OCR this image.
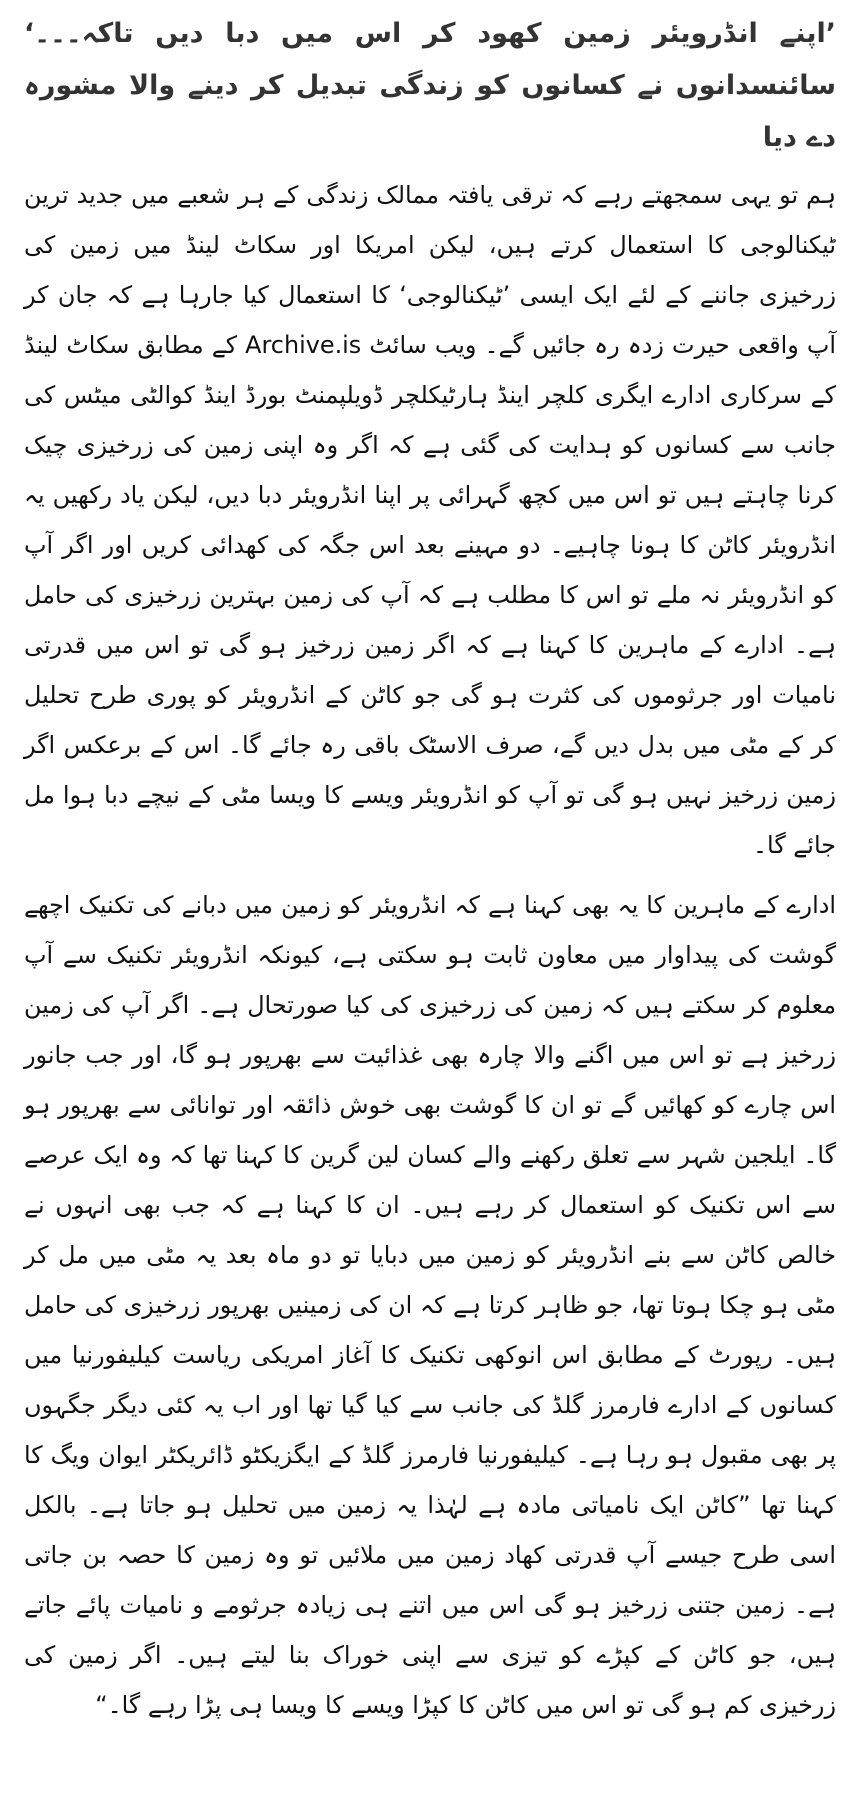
’اپنے انڈرویئر زمین کھود کر اس میں دبا دیں تاکہ۔۔۔‘ سائنسدانوں نے کسانوں کو زندگی تبدیل کر دینے والا مشورہ دے دیا

ہم تو یہی سمجھتے رہے کہ ترقی یافتہ ممالک زندگی کے ہر شعبے میں جدید ترین ٹیکنالوجی کا استعمال کرتے ہیں، لیکن امریکا اور سکاٹ لینڈ میں زمین کی زرخیزی جاننے کے لئے ایک ایسی ’ٹیکنالوجی‘ کا استعمال کیا جارہا ہے کہ جان کر آپ واقعی حیرت زدہ رہ جائیں گے۔ ویب سائٹ Archive.is کے مطابق سکاٹ لینڈ کے سرکاری ادارے ایگری کلچر اینڈ ہارٹیکلچر ڈویلپمنٹ بورڈ اینڈ کوالٹی میٹس کی جانب سے کسانوں کو ہدایت کی گئی ہے کہ اگر وہ اپنی زمین کی زرخیزی چیک کرنا چاہتے ہیں تو اس میں کچھ گہرائی پر اپنا انڈرویئر دبا دیں، لیکن یاد رکھیں یہ انڈرویئر کاٹن کا ہونا چاہیے۔ دو مہینے بعد اس جگہ کی کھدائی کریں اور اگر آپ کو انڈرویئر نہ ملے تو اس کا مطلب ہے کہ آپ کی زمین بہترین زرخیزی کی حامل ہے۔ ادارے کے ماہرین کا کہنا ہے کہ اگر زمین زرخیز ہو گی تو اس میں قدرتی نامیات اور جرثوموں کی کثرت ہو گی جو کاٹن کے انڈرویئر کو پوری طرح تحلیل کر کے مٹی میں بدل دیں گے، صرف الاسٹک باقی رہ جائے گا۔ اس کے برعکس اگر زمین زرخیز نہیں ہو گی تو آپ کو انڈرویئر ویسے کا ویسا مٹی کے نیچے دبا ہوا مل جائے گا۔

ادارے کے ماہرین کا یہ بھی کہنا ہے کہ انڈرویئر کو زمین میں دبانے کی تکنیک اچھے گوشت کی پیداوار میں معاون ثابت ہو سکتی ہے، کیونکہ انڈرویئر تکنیک سے آپ معلوم کر سکتے ہیں کہ زمین کی زرخیزی کی کیا صورتحال ہے۔ اگر آپ کی زمین زرخیز ہے تو اس میں اگنے والا چارہ بھی غذائیت سے بھرپور ہو گا، اور جب جانور اس چارے کو کھائیں گے تو ان کا گوشت بھی خوش ذائقہ اور توانائی سے بھرپور ہو گا۔ ایلجین شہر سے تعلق رکھنے والے کسان لین گرین کا کہنا تھا کہ وہ ایک عرصے سے اس تکنیک کو استعمال کر رہے ہیں۔ ان کا کہنا ہے کہ جب بھی انہوں نے خالص کاٹن سے بنے انڈرویئر کو زمین میں دبایا تو دو ماہ بعد یہ مٹی میں مل کر مٹی ہو چکا ہوتا تھا، جو ظاہر کرتا ہے کہ ان کی زمینیں بھرپور زرخیزی کی حامل ہیں۔ رپورٹ کے مطابق اس انوکھی تکنیک کا آغاز امریکی ریاست کیلیفورنیا میں کسانوں کے ادارے فارمرز گلڈ کی جانب سے کیا گیا تھا اور اب یہ کئی دیگر جگہوں پر بھی مقبول ہو رہا ہے۔ کیلیفورنیا فارمرز گلڈ کے ایگزیکٹو ڈائریکٹر ایوان ویگ کا کہنا تھا ”کاٹن ایک نامیاتی مادہ ہے لہٰذا یہ زمین میں تحلیل ہو جاتا ہے۔ بالکل اسی طرح جیسے آپ قدرتی کھاد زمین میں ملائیں تو وہ زمین کا حصہ بن جاتی ہے۔ زمین جتنی زرخیز ہو گی اس میں اتنے ہی زیادہ جرثومے و نامیات پائے جاتے ہیں، جو کاٹن کے کپڑے کو تیزی سے اپنی خوراک بنا لیتے ہیں۔ اگر زمین کی زرخیزی کم ہو گی تو اس میں کاٹن کا کپڑا ویسے کا ویسا ہی پڑا رہے گا۔“
